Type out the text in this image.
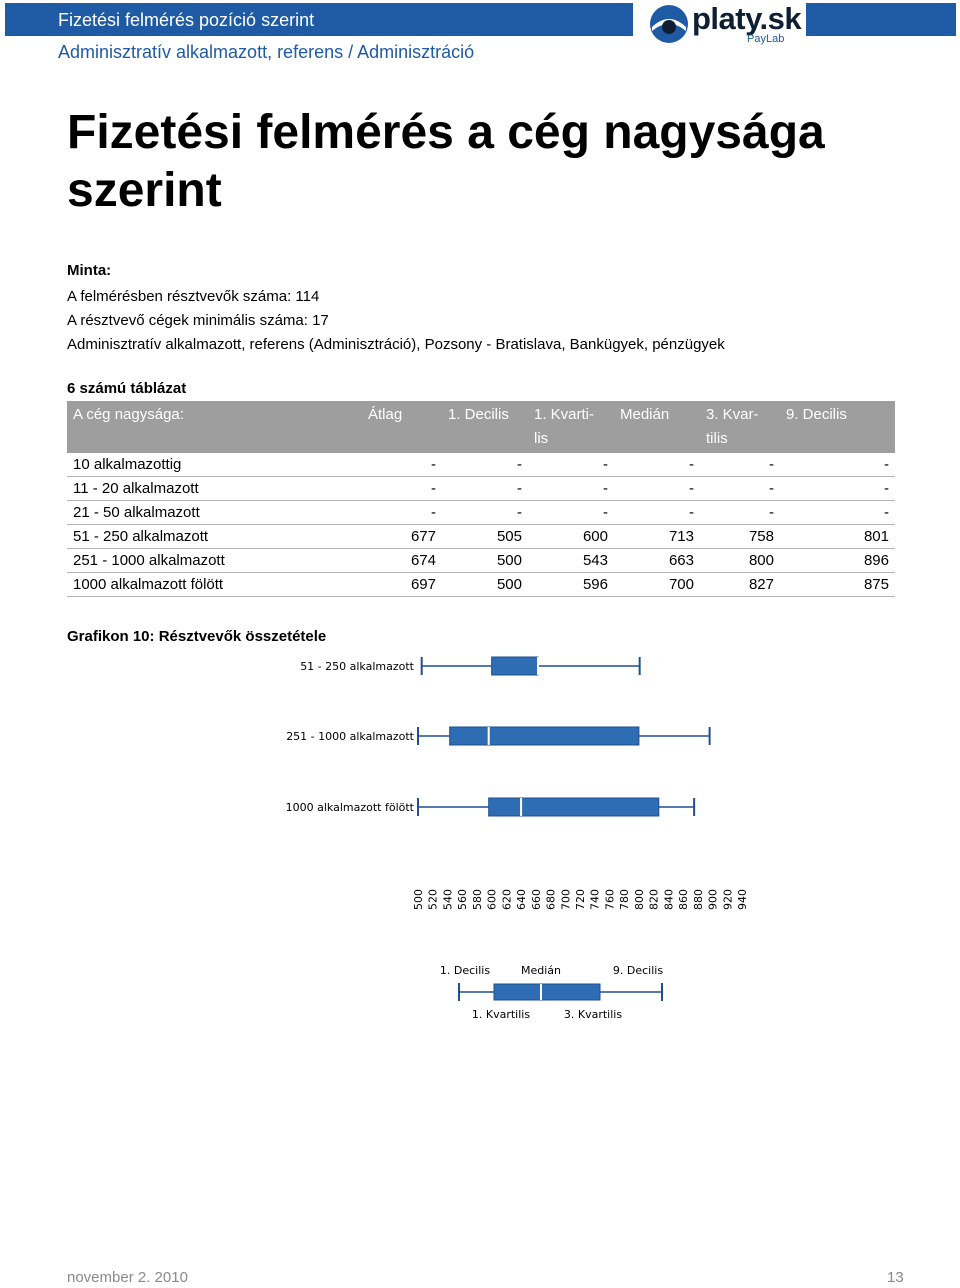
Fizetési felmérés pozíció szerint
Adminisztratív alkalmazott, referens / Adminisztráció
platy.sk
PayLab
Fizetési felmérés a cég nagysága szerint
Minta:
A felmérésben résztvevők száma: 114
A résztvevő cégek minimális száma: 17
Adminisztratív alkalmazott, referens (Adminisztráció), Pozsony - Bratislava, Bankügyek, pénzügyek
6 számú táblázat
A cég nagysága:	Átlag	1. Decilis	1. Kvarti-lis	Medián	3. Kvar-tilis	9. Decilis
10 alkalmazottig	-	-	-	-	-	-
11 - 20 alkalmazott	-	-	-	-	-	-
21 - 50 alkalmazott	-	-	-	-	-	-
51 - 250 alkalmazott	677	505	600	713	758	801
251 - 1000 alkalmazott	674	500	543	663	800	896
1000 alkalmazott fölött	697	500	596	700	827	875
Grafikon 10: Résztvevők összetétele
51 - 250 alkalmazott
251 - 1000 alkalmazott
1000 alkalmazott fölött
500 520 540 560 580 600 620 640 660 680 700 720 740 760 780 800 820 840 860 880 900 920 940
1. Decilis	Medián	9. Decilis
1. Kvartilis	3. Kvartilis
november 2. 2010	13
